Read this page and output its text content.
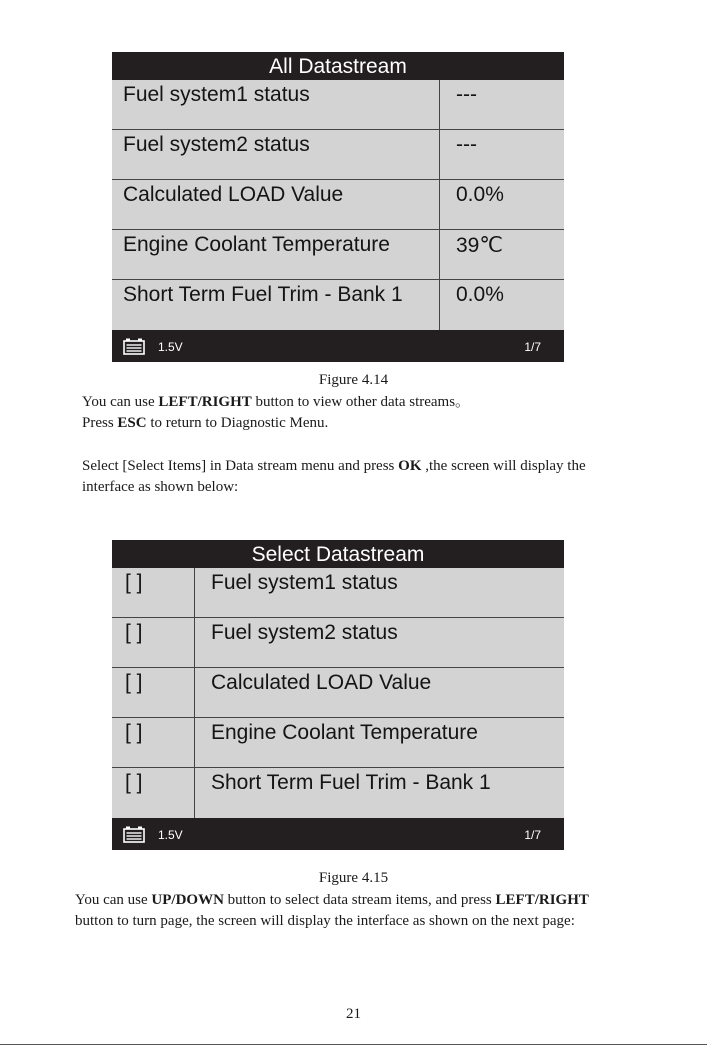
All Datastream
Fuel system1 status	---
Fuel system2 status	---
Calculated LOAD Value	0.0%
Engine Coolant Temperature	39℃
Short Term Fuel Trim - Bank 1	0.0%
1.5V	1/7
Figure 4.14
You can use LEFT/RIGHT button to view other data streams。
Press ESC to return to Diagnostic Menu.
Select [Select Items] in Data stream menu and press OK ,the screen will display the
interface as shown below:
Select Datastream
[ ]	Fuel system1 status
[ ]	Fuel system2 status
[ ]	Calculated LOAD Value
[ ]	Engine Coolant Temperature
[ ]	Short Term Fuel Trim - Bank 1
1.5V	1/7
Figure 4.15
You can use UP/DOWN button to select data stream items, and press LEFT/RIGHT
button to turn page, the screen will display the interface as shown on the next page:
21
